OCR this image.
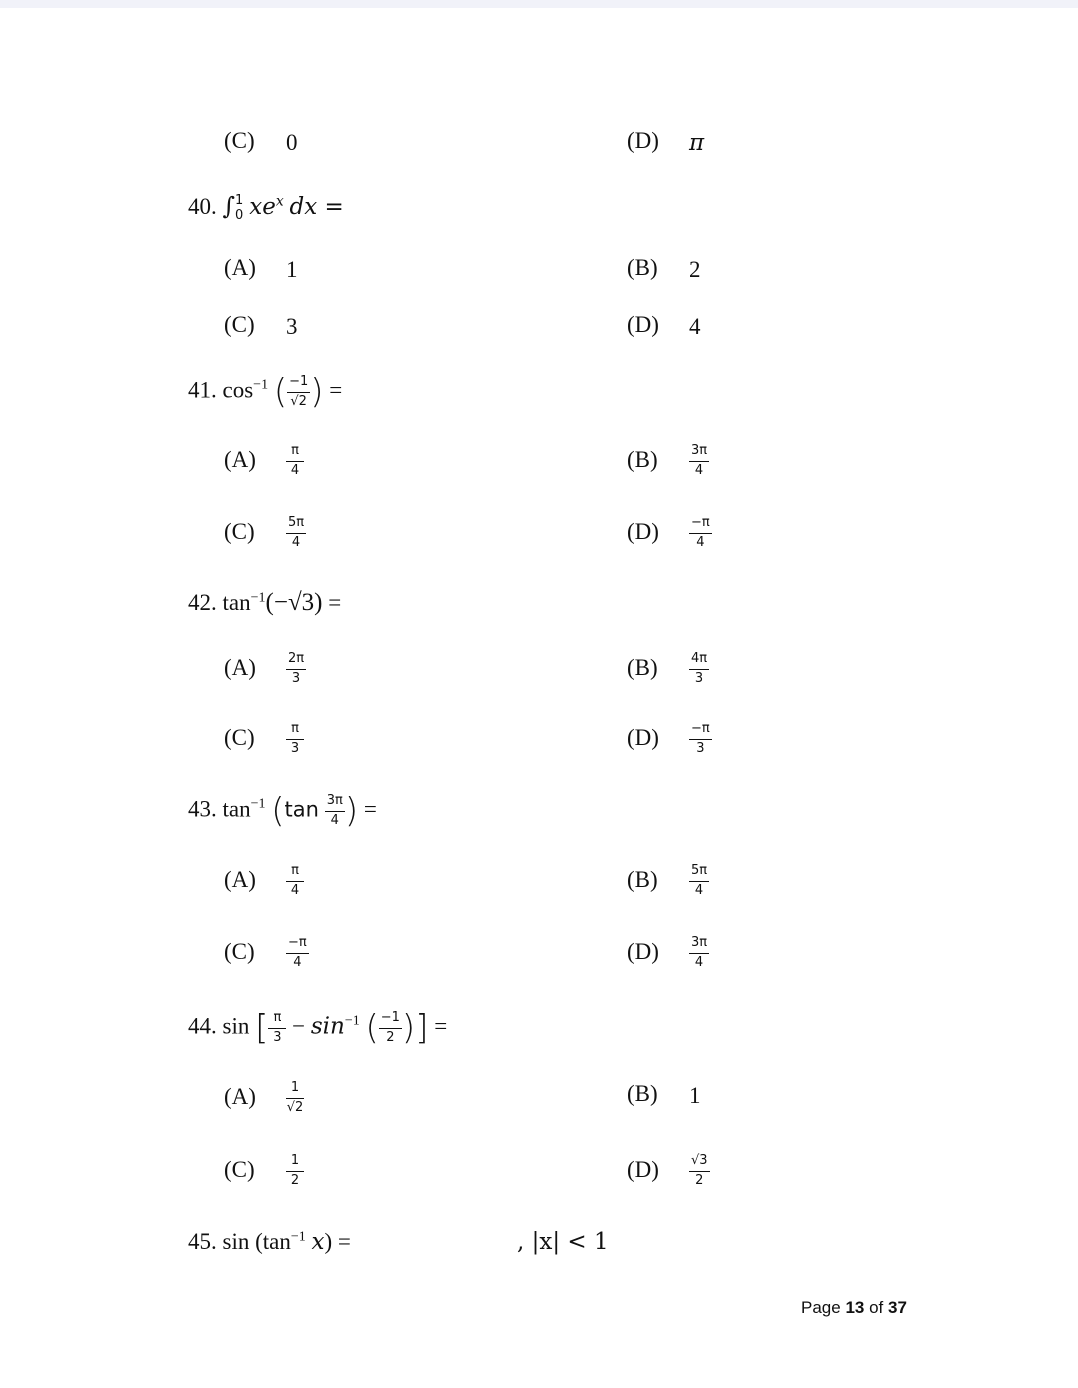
(C) 0	(D) π
40. ∫ 1
0 $xe^x$ dx =
(A) 1	(B) 2
(C) 3	(D) 4
41. $\cos^{-1}$ ( $\frac{-1}{√2}$ ) =
$(A) \frac{\pi}{4}$	$(B) \frac{3\pi}{4}$
$(C) \frac{5\pi}{4}$	$(D) \frac{-\pi}{4}$
42. $\tan^{-1}(-√3)$ =
$(A) \frac{2\pi}{3}$	$(B) \frac{4\pi}{3}$
$(C) \frac{\pi}{3}$	$(D) \frac{-\pi}{3}$
43. $\tan^{-1} (\tan \frac{3\pi}{4}$ ) =
$(A) \frac{\pi}{4}$	$(B) \frac{5\pi}{4}$
$(C) \frac{-\pi}{4}$	$(D) \frac{3\pi}{4}$
44. sin [ $\frac{\pi}{3} - \sin^{-1}$ ( $\frac{-1}{2}$ )] =
$(A) \frac{1}{√2}$	(B) 1
$(C) \frac{1}{2}$	$(D) \frac{√3}{2}$
45. $\sin (\tan^{-1}$ x) =	, |x| < 1
Page 13 of 37
